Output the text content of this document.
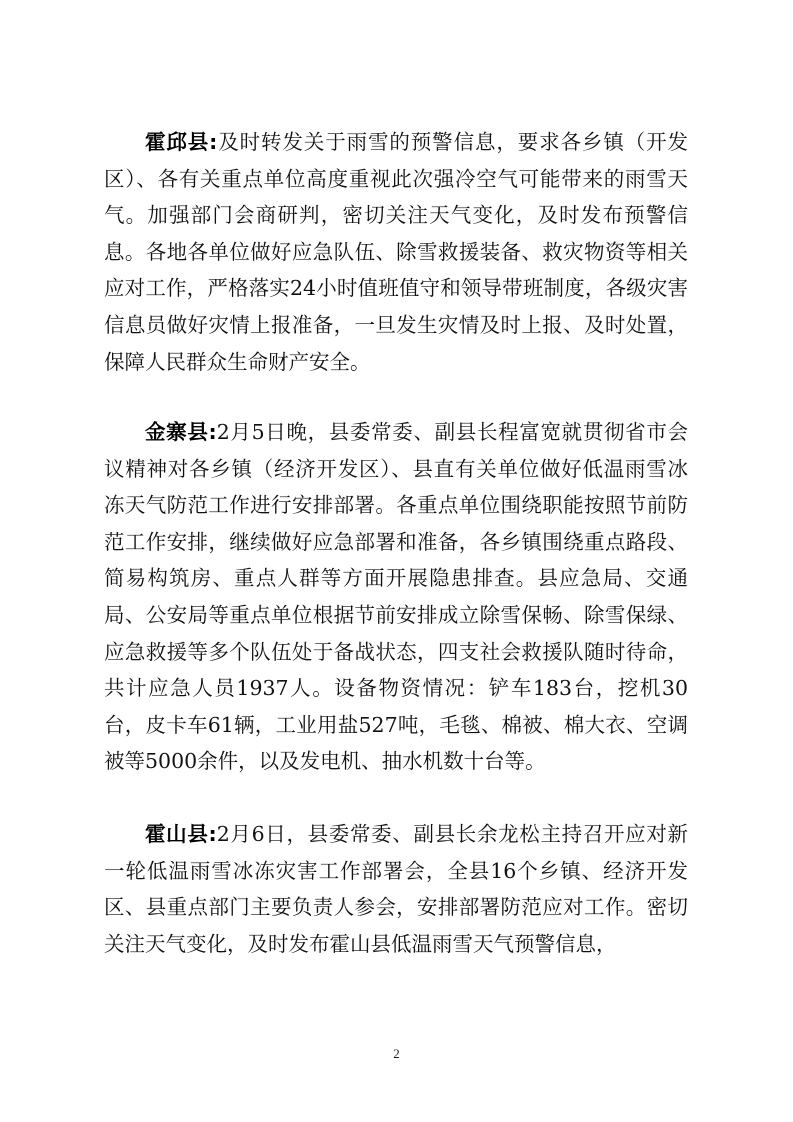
霍邱县:及时转发关于雨雪的预警信息，要求各乡镇（开发区）、各有关重点单位高度重视此次强冷空气可能带来的雨雪天气。加强部门会商研判，密切关注天气变化，及时发布预警信息。各地各单位做好应急队伍、除雪救援装备、救灾物资等相关应对工作，严格落实24小时值班值守和领导带班制度，各级灾害信息员做好灾情上报准备，一旦发生灾情及时上报、及时处置，保障人民群众生命财产安全。

金寨县:2月5日晚，县委常委、副县长程富宽就贯彻省市会议精神对各乡镇（经济开发区）、县直有关单位做好低温雨雪冰冻天气防范工作进行安排部署。各重点单位围绕职能按照节前防范工作安排，继续做好应急部署和准备，各乡镇围绕重点路段、简易构筑房、重点人群等方面开展隐患排查。县应急局、交通局、公安局等重点单位根据节前安排成立除雪保畅、除雪保绿、应急救援等多个队伍处于备战状态，四支社会救援队随时待命，共计应急人员1937人。设备物资情况：铲车183台，挖机30台，皮卡车61辆，工业用盐527吨，毛毯、棉被、棉大衣、空调被等5000余件，以及发电机、抽水机数十台等。

霍山县:2月6日，县委常委、副县长余龙松主持召开应对新一轮低温雨雪冰冻灾害工作部署会，全县16个乡镇、经济开发区、县重点部门主要负责人参会，安排部署防范应对工作。密切关注天气变化，及时发布霍山县低温雨雪天气预警信息，

2
